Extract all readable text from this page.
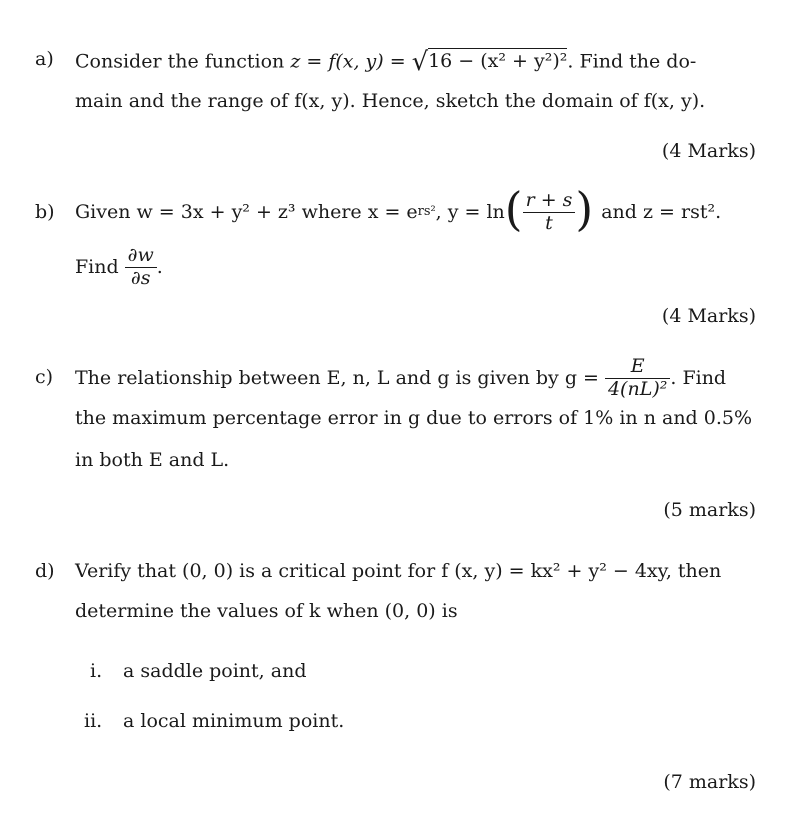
a) Consider the function z = f(x, y) = √16 − (x² + y²)². Find the do-
main and the range of f(x, y). Hence, sketch the domain of f(x, y).
(4 Marks)
b) Given w = 3x + y² + z³ where x = e rs² , y = ln ( $\frac{r + s}{t}$ ) and z = rst².
Find $\frac{\partial w}{\partial s}$ .
(4 Marks)
c) The relationship between E, n, L and g is given by $g = \frac{E}{\text{4(nL)²}}$ . Find
the maximum percentage error in g due to errors of 1% in n and 0.5%
in both E and L.
(5 marks)
d) Verify that (0, 0) is a critical point for f (x, y) = kx² + y² − 4xy, then
determine the values of k when (0, 0) is
i. a saddle point, and
ii. a local minimum point.
(7 marks)
